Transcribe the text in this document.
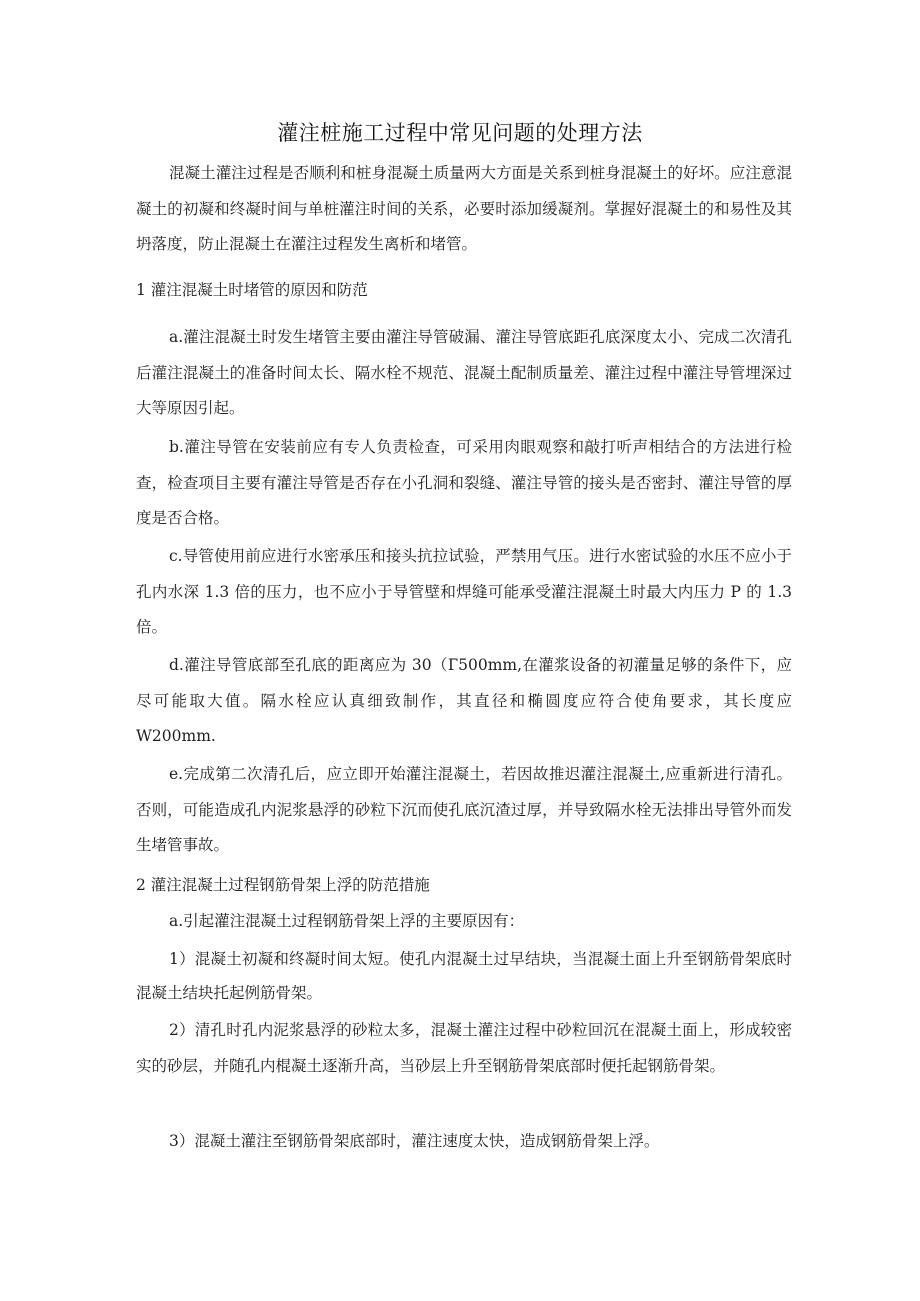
灌注桩施工过程中常见问题的处理方法

混凝土灌注过程是否顺利和桩身混凝土质量两大方面是关系到桩身混凝土的好坏。应注意混凝土的初凝和终凝时间与单桩灌注时间的关系，必要时添加缓凝剂。掌握好混凝土的和易性及其坍落度，防止混凝土在灌注过程发生离析和堵管。

1 灌注混凝土时堵管的原因和防范

a.灌注混凝土时发生堵管主要由灌注导管破漏、灌注导管底距孔底深度太小、完成二次清孔后灌注混凝土的准备时间太长、隔水栓不规范、混凝土配制质量差、灌注过程中灌注导管埋深过大等原因引起。

b.灌注导管在安装前应有专人负责检查，可采用肉眼观察和敲打听声相结合的方法进行检查，检查项目主要有灌注导管是否存在小孔洞和裂缝、灌注导管的接头是否密封、灌注导管的厚度是否合格。

c.导管使用前应进行水密承压和接头抗拉试验，严禁用气压。进行水密试验的水压不应小于孔内水深 1.3 倍的压力，也不应小于导管壁和焊缝可能承受灌注混凝土时最大内压力 P 的 1.3 倍。

d.灌注导管底部至孔底的距离应为 30（Г500mm,在灌浆设备的初灌量足够的条件下，应尽可能取大值。隔水栓应认真细致制作，其直径和椭圆度应符合使角要求，其长度应 W200mm.

e.完成第二次清孔后，应立即开始灌注混凝土，若因故推迟灌注混凝土,应重新进行清孔。否则，可能造成孔内泥浆悬浮的砂粒下沉而使孔底沉渣过厚，并导致隔水栓无法排出导管外而发生堵管事故。

2 灌注混凝土过程钢筋骨架上浮的防范措施

a.引起灌注混凝土过程钢筋骨架上浮的主要原因有：

1）混凝土初凝和终凝时间太短。使孔内混凝土过早结块，当混凝土面上升至钢筋骨架底时混凝土结块托起例筋骨架。

2）清孔时孔内泥浆悬浮的砂粒太多，混凝土灌注过程中砂粒回沉在混凝土面上，形成较密实的砂层，并随孔内棍凝土逐渐升高，当砂层上升至钢筋骨架底部时便托起钢筋骨架。

3）混凝土灌注至钢筋骨架底部时，灌注速度太快，造成钢筋骨架上浮。
